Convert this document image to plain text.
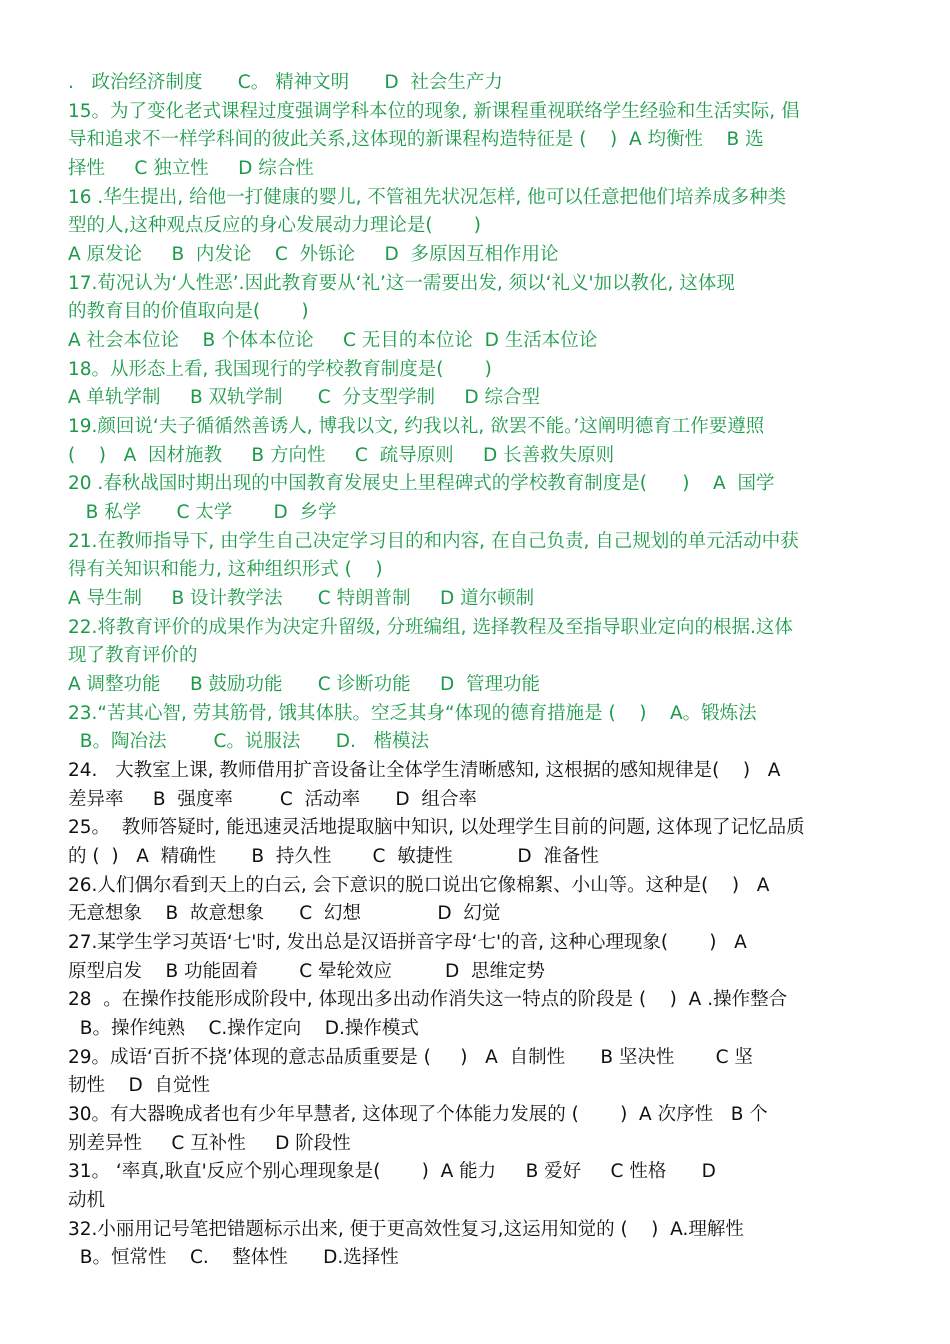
.   政治经济制度      C。 精神文明      D  社会生产力
15。为了变化老式课程过度强调学科本位的现象, 新课程重视联络学生经验和生活实际, 倡
导和追求不一样学科间的彼此关系,这体现的新课程构造特征是 (    )  A 均衡性    B 选
择性     C 独立性     D 综合性
16 .华生提出, 给他一打健康的婴儿, 不管祖先状况怎样, 他可以任意把他们培养成多种类
型的人,这种观点反应的身心发展动力理论是(       )
A 原发论     B  内发论    C  外铄论     D  多原因互相作用论
17.荀况认为‘人性恶’.因此教育要从‘礼’这一需要出发, 须以‘礼义'加以教化, 这体现
的教育目的价值取向是(       )
A 社会本位论    B 个体本位论     C 无目的本位论  D 生活本位论
18。从形态上看, 我国现行的学校教育制度是(       )
A 单轨学制     B 双轨学制      C  分支型学制     D 综合型
19.颜回说‘夫子循循然善诱人, 博我以文, 约我以礼, 欲罢不能。’这阐明德育工作要遵照
(    )   A  因材施教     B 方向性     C  疏导原则     D 长善救失原则
20 .春秋战国时期出现的中国教育发展史上里程碑式的学校教育制度是(      )    A  国学
B 私学      C 太学       D  乡学
21.在教师指导下, 由学生自己决定学习目的和内容, 在自己负责, 自己规划的单元活动中获
得有关知识和能力, 这种组织形式 (    )
A 导生制     B 设计教学法      C 特朗普制     D 道尔顿制
22.将教育评价的成果作为决定升留级, 分班编组, 选择教程及至指导职业定向的根据.这体
现了教育评价的
A 调整功能     B 鼓励功能      C 诊断功能     D  管理功能
23.“苦其心智, 劳其筋骨, 饿其体肤。空乏其身“体现的德育措施是 (    )    A。锻炼法
B。陶冶法        C。说服法      D.   楷模法
24.   大教室上课, 教师借用扩音设备让全体学生清晰感知, 这根据的感知规律是(    )   A
差异率     B  强度率        C  活动率      D  组合率
25。  教师答疑时, 能迅速灵活地提取脑中知识, 以处理学生目前的问题, 这体现了记忆品质
的 (  )   A  精确性      B  持久性       C  敏捷性           D  准备性
26.人们偶尔看到天上的白云, 会下意识的脱口说出它像棉絮、小山等。这种是(    )   A
无意想象    B  故意想象      C  幻想             D  幻觉
27.某学生学习英语‘七'时, 发出总是汉语拼音字母‘七'的音, 这种心理现象(       )   A
原型启发    B 功能固着       C 晕轮效应         D  思维定势
28  。在操作技能形成阶段中, 体现出多出动作消失这一特点的阶段是 (    )  A .操作整合
B。操作纯熟    C.操作定向    D.操作模式
29。成语‘百折不挠’体现的意志品质重要是 (     )   A  自制性      B 坚决性       C 坚
韧性    D  自觉性
30。有大器晚成者也有少年早慧者, 这体现了个体能力发展的 (       )  A 次序性   B 个
别差异性     C 互补性     D 阶段性
31。 ‘率真,耿直'反应个别心理现象是(       )  A 能力     B 爱好     C 性格      D
动机
32.小丽用记号笔把错题标示出来, 便于更高效性复习,这运用知觉的 (    )  A.理解性
B。恒常性    C.    整体性      D.选择性
